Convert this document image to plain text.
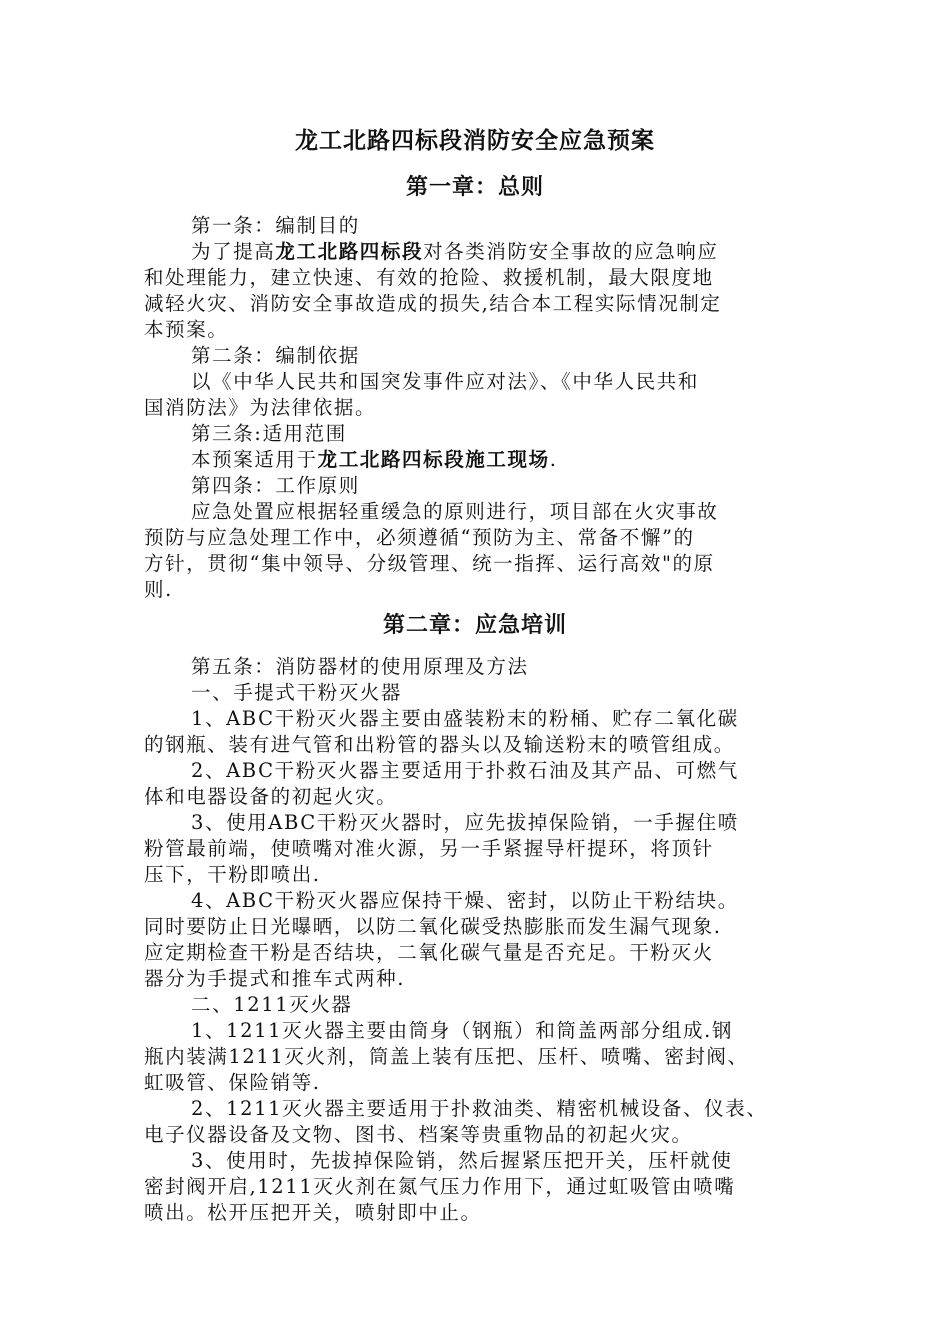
龙工北路四标段消防安全应急预案
第一章：总则
第一条：编制目的
为了提高龙工北路四标段对各类消防安全事故的应急响应
和处理能力，建立快速、有效的抢险、救援机制，最大限度地
减轻火灾、消防安全事故造成的损失,结合本工程实际情况制定
本预案。
第二条：编制依据
以《中华人民共和国突发事件应对法》、《中华人民共和
国消防法》为法律依据。
第三条:适用范围
本预案适用于龙工北路四标段施工现场.
第四条：工作原则
应急处置应根据轻重缓急的原则进行，项目部在火灾事故
预防与应急处理工作中，必须遵循“预防为主、常备不懈”的
方针，贯彻“集中领导、分级管理、统一指挥、运行高效"的原
则.
第二章：应急培训
第五条：消防器材的使用原理及方法
一、手提式干粉灭火器
1、ABC干粉灭火器主要由盛装粉末的粉桶、贮存二氧化碳
的钢瓶、装有进气管和出粉管的器头以及输送粉末的喷管组成。
2、ABC干粉灭火器主要适用于扑救石油及其产品、可燃气
体和电器设备的初起火灾。
3、使用ABC干粉灭火器时，应先拔掉保险销，一手握住喷
粉管最前端，使喷嘴对准火源，另一手紧握导杆提环，将顶针
压下，干粉即喷出.
4、ABC干粉灭火器应保持干燥、密封，以防止干粉结块。
同时要防止日光曝晒，以防二氧化碳受热膨胀而发生漏气现象.
应定期检查干粉是否结块，二氧化碳气量是否充足。干粉灭火
器分为手提式和推车式两种.
二、1211灭火器
1、1211灭火器主要由筒身（钢瓶）和筒盖两部分组成.钢
瓶内装满1211灭火剂，筒盖上装有压把、压杆、喷嘴、密封阀、
虹吸管、保险销等.
2、1211灭火器主要适用于扑救油类、精密机械设备、仪表、
电子仪器设备及文物、图书、档案等贵重物品的初起火灾。
3、使用时，先拔掉保险销，然后握紧压把开关，压杆就使
密封阀开启,1211灭火剂在氮气压力作用下，通过虹吸管由喷嘴
喷出。松开压把开关，喷射即中止。
